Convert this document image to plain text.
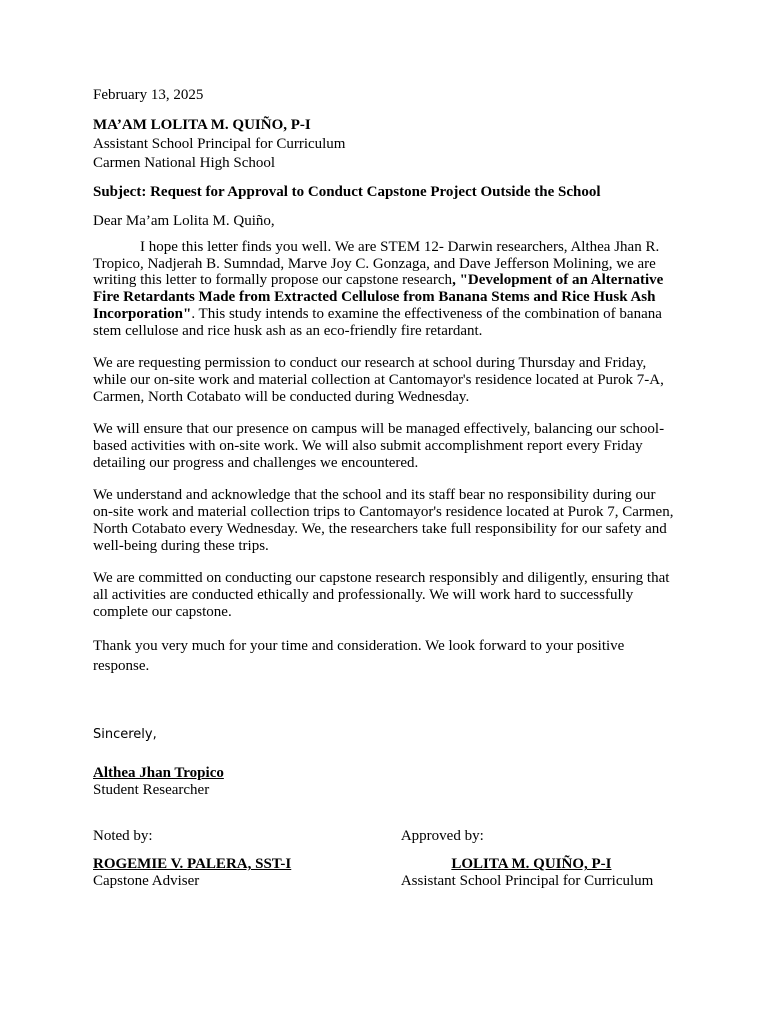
February 13, 2025
MA’AM LOLITA M. QUIÑO, P-I
Assistant School Principal for Curriculum
Carmen National High School
Subject: Request for Approval to Conduct Capstone Project Outside the School
Dear Ma’am Lolita M. Quiño,

I hope this letter finds you well. We are STEM 12- Darwin researchers, Althea Jhan R. Tropico, Nadjerah B. Sumndad, Marve Joy C. Gonzaga, and Dave Jefferson Molining, we are writing this letter to formally propose our capstone research, "Development of an Alternative Fire Retardants Made from Extracted Cellulose from Banana Stems and Rice Husk Ash Incorporation". This study intends to examine the effectiveness of the combination of banana stem cellulose and rice husk ash as an eco-friendly fire retardant.

We are requesting permission to conduct our research at school during Thursday and Friday, while our on-site work and material collection at Cantomayor's residence located at Purok 7-A, Carmen, North Cotabato will be conducted during Wednesday.

We will ensure that our presence on campus will be managed effectively, balancing our school-based activities with on-site work. We will also submit accomplishment report every Friday detailing our progress and challenges we encountered.

We understand and acknowledge that the school and its staff bear no responsibility during our on-site work and material collection trips to Cantomayor's residence located at Purok 7, Carmen, North Cotabato every Wednesday. We, the researchers take full responsibility for our safety and well-being during these trips.

We are committed on conducting our capstone research responsibly and diligently, ensuring that all activities are conducted ethically and professionally. We will work hard to successfully complete our capstone.

Thank you very much for your time and consideration. We look forward to your positive response.

Sincerely,
Althea Jhan Tropico
Student Researcher
Noted by:
ROGEMIE V. PALERA, SST-I
Capstone Adviser
Approved by:
LOLITA M. QUIÑO, P-I
Assistant School Principal for Curriculum
